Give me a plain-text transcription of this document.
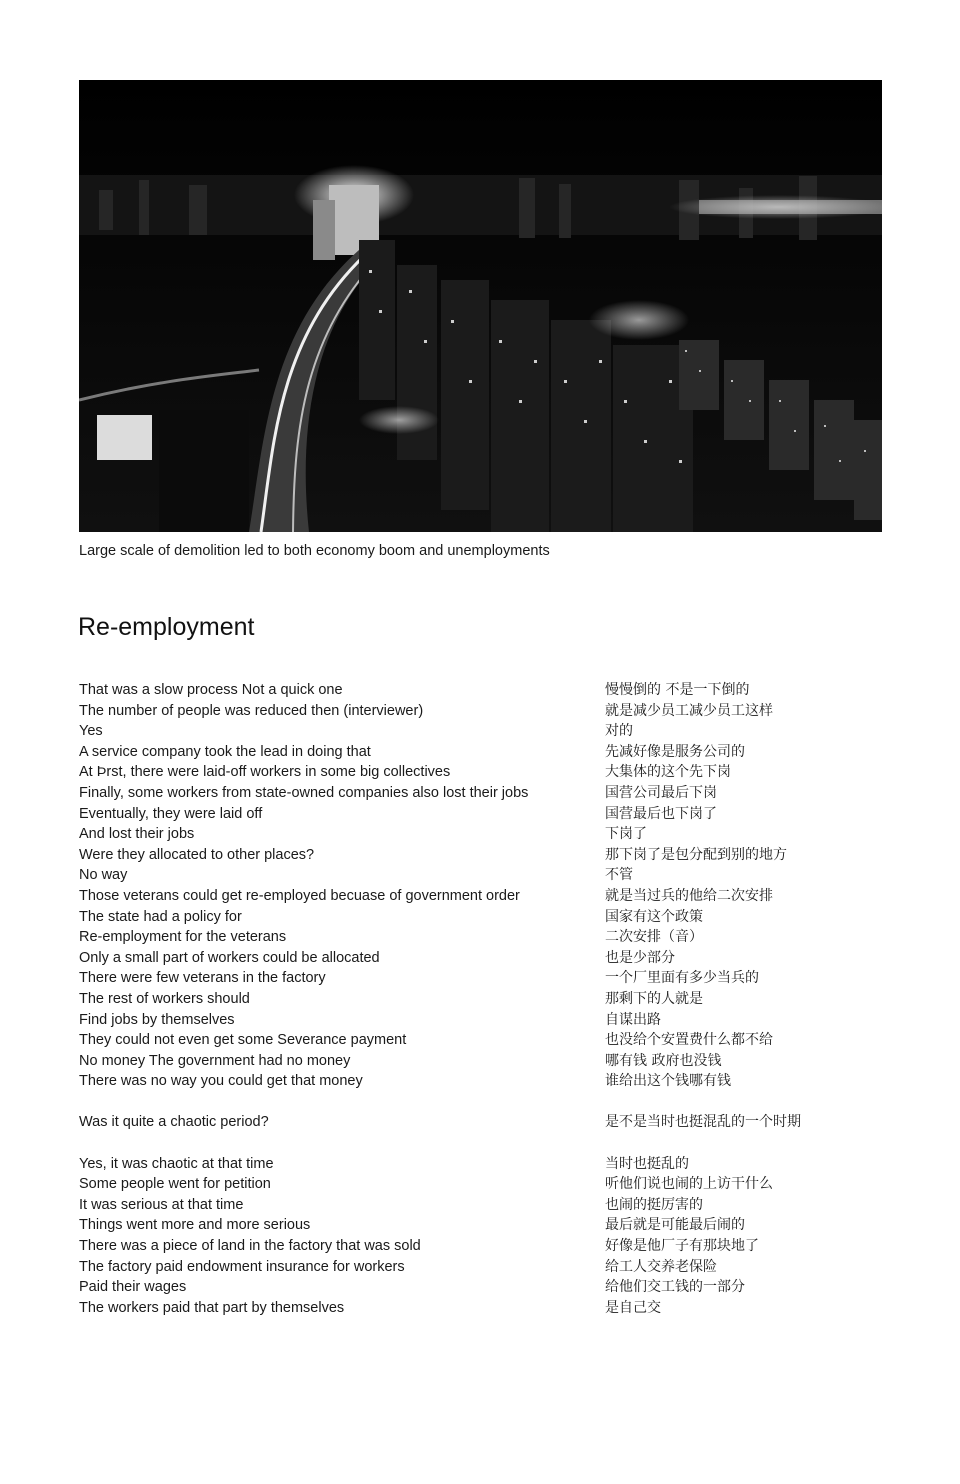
Large scale of demolition led to both economy boom and unemployments
Re-employment
That was a slow process Not a quick one	慢慢倒的 不是一下倒的
The number of people was reduced then (interviewer)	就是减少员工减少员工这样
Yes	对的
A service company took the lead in doing that	先减好像是服务公司的
At Þrst, there were laid-off workers in some big collectives	大集体的这个先下岗
Finally, some workers from state-owned companies also lost their jobs	国营公司最后下岗
Eventually, they were laid off	国营最后也下岗了
And lost their jobs	下岗了
Were they allocated to other places?	那下岗了是包分配到别的地方
No way	不管
Those veterans could get re-employed becuase of government order	就是当过兵的他给二次安排
The state had a policy for	国家有这个政策
Re-employment for the veterans	二次安排（音）
Only a small part of workers could be allocated	也是少部分
There were few veterans in the factory	一个厂里面有多少当兵的
The rest of workers should	那剩下的人就是
Find jobs by themselves	自谋出路
They could not even get some Severance payment	也没给个安置费什么都不给
No money The government had no money	哪有钱 政府也没钱
There was no way you could get that money	谁给出这个钱哪有钱
Was it quite a chaotic period?	是不是当时也挺混乱的一个时期
Yes, it was chaotic at that time	当时也挺乱的
Some people went for petition	听他们说也闹的上访干什么
It was serious at that time	也闹的挺厉害的
Things went more and more serious	最后就是可能最后闹的
There was a piece of land in the factory that was sold	好像是他厂子有那块地了
The factory paid endowment insurance for workers	给工人交养老保险
Paid their wages	给他们交工钱的一部分
The workers paid that part by themselves	是自己交
